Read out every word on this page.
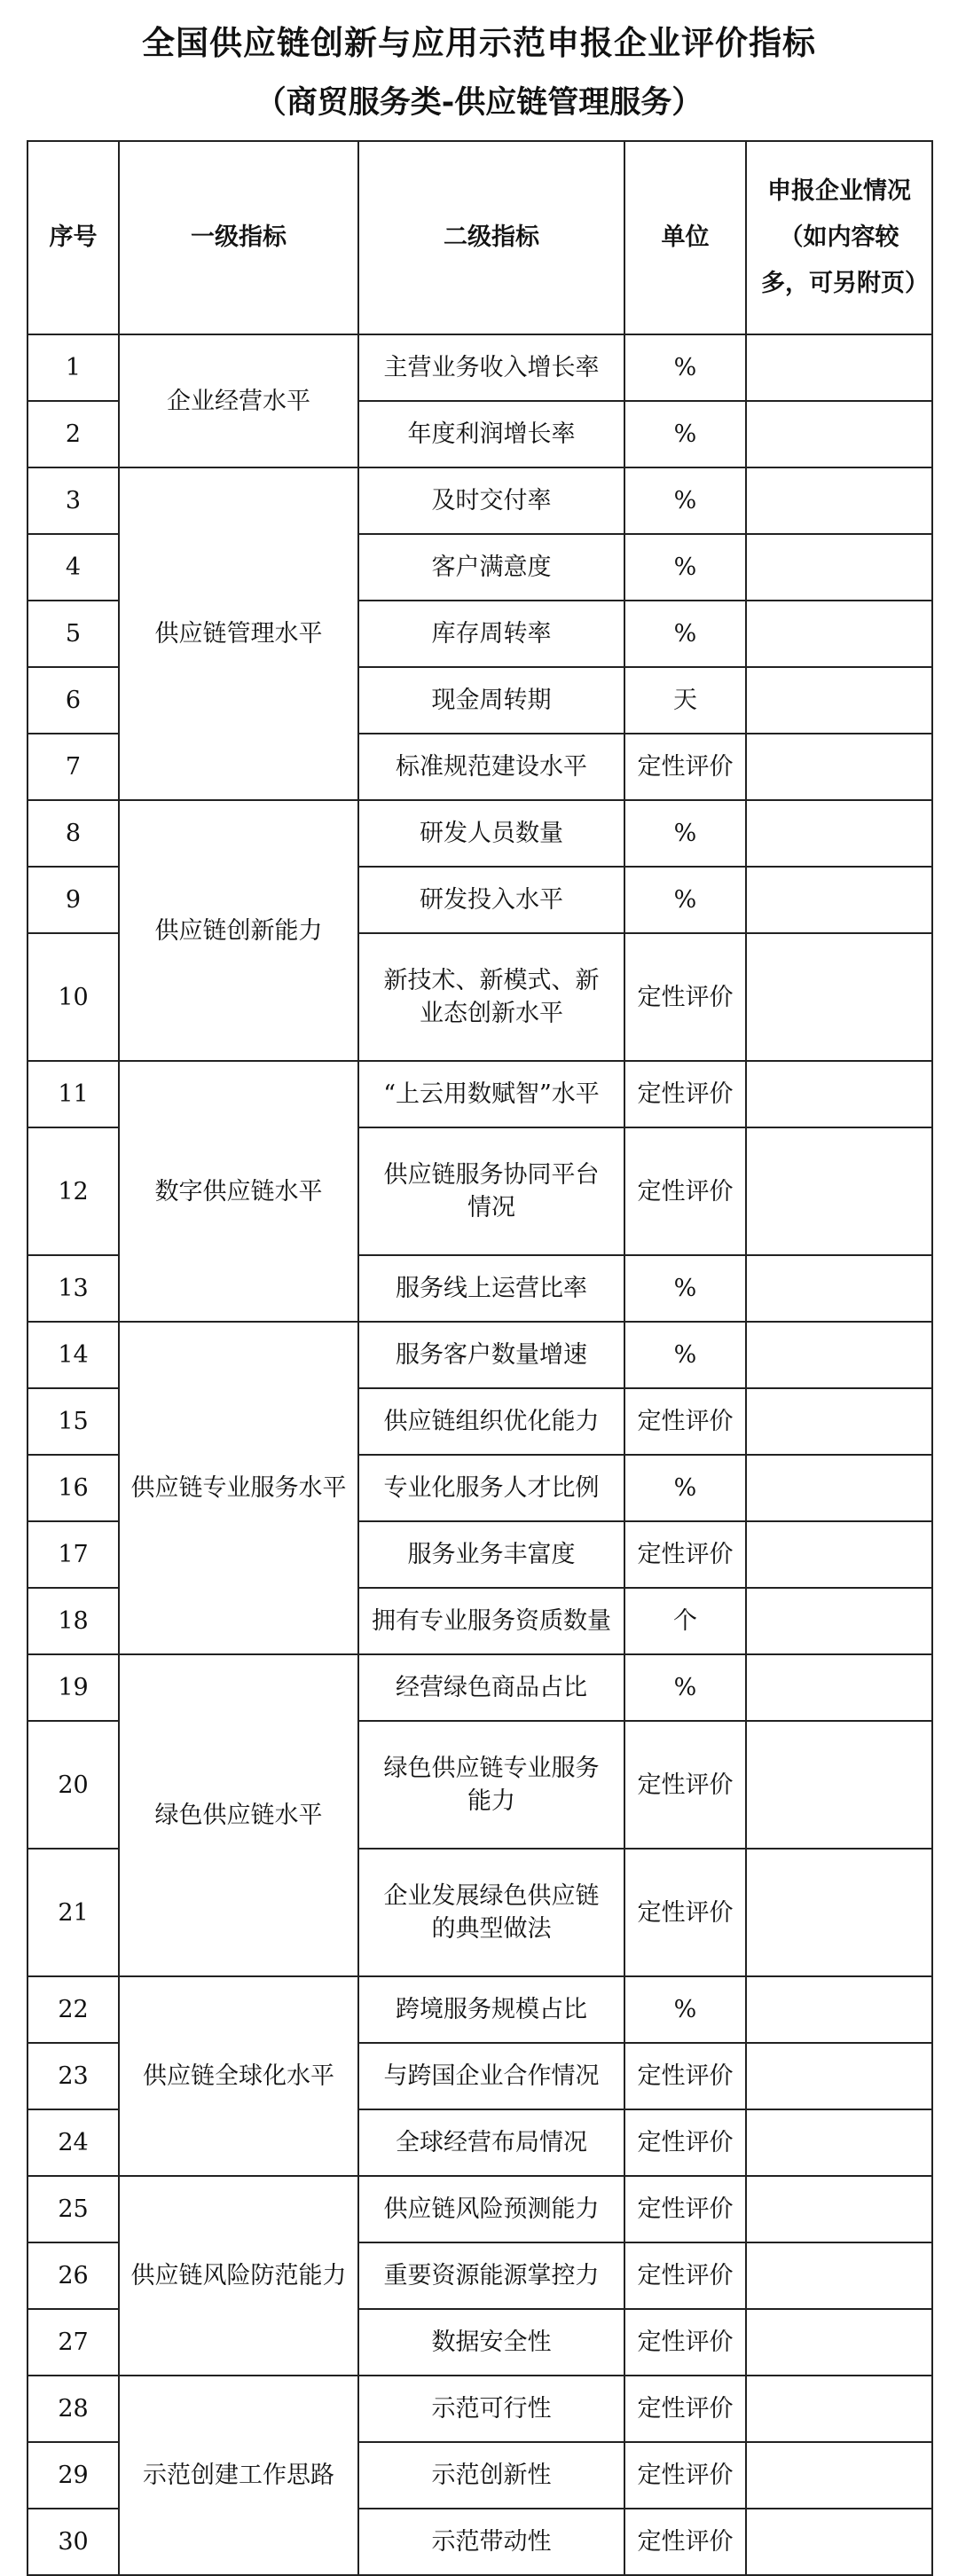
全国供应链创新与应用示范申报企业评价指标
（商贸服务类-供应链管理服务）
序号	一级指标	二级指标	单位	申报企业情况（如内容较多，可另附页）
1	企业经营水平	主营业务收入增长率	%	
2		年度利润增长率	%	
3	供应链管理水平	及时交付率	%	
4		客户满意度	%	
5		库存周转率	%	
6		现金周转期	天	
7		标准规范建设水平	定性评价	
8	供应链创新能力	研发人员数量	%	
9		研发投入水平	%	
10		新技术、新模式、新业态创新水平	定性评价	
11	数字供应链水平	“上云用数赋智”水平	定性评价	
12		供应链服务协同平台情况	定性评价	
13		服务线上运营比率	%	
14	供应链专业服务水平	服务客户数量增速	%	
15		供应链组织优化能力	定性评价	
16		专业化服务人才比例	%	
17		服务业务丰富度	定性评价	
18		拥有专业服务资质数量	个	
19	绿色供应链水平	经营绿色商品占比	%	
20		绿色供应链专业服务能力	定性评价	
21		企业发展绿色供应链的典型做法	定性评价	
22	供应链全球化水平	跨境服务规模占比	%	
23		与跨国企业合作情况	定性评价	
24		全球经营布局情况	定性评价	
25	供应链风险防范能力	供应链风险预测能力	定性评价	
26		重要资源能源掌控力	定性评价	
27		数据安全性	定性评价	
28	示范创建工作思路	示范可行性	定性评价	
29		示范创新性	定性评价	
30		示范带动性	定性评价	
